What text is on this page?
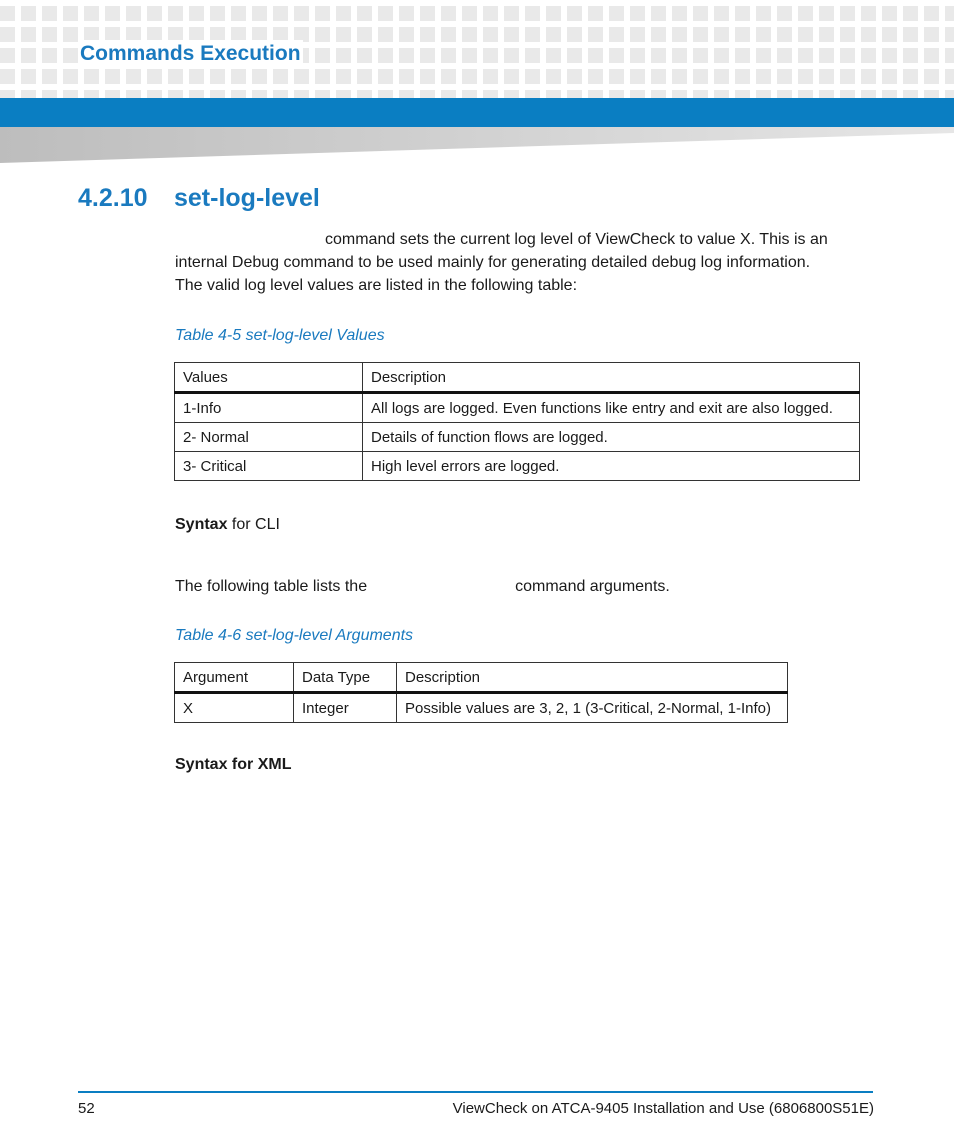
Commands Execution
4.2.10 set-log-level
command sets the current log level of ViewCheck to value X. This is an
internal Debug command to be used mainly for generating detailed debug log information.
The valid log level values are listed in the following table:
Table 4-5 set-log-level Values
Values	Description
1-Info	All logs are logged. Even functions like entry and exit are also logged.
2- Normal	Details of function flows are logged.
3- Critical	High level errors are logged.
Syntax for CLI
The following table lists the	command arguments.
Table 4-6 set-log-level Arguments
Argument	Data Type	Description
X	Integer	Possible values are 3, 2, 1 (3-Critical, 2-Normal, 1-Info)
Syntax for XML
52	ViewCheck on ATCA-9405 Installation and Use (6806800S51E)
